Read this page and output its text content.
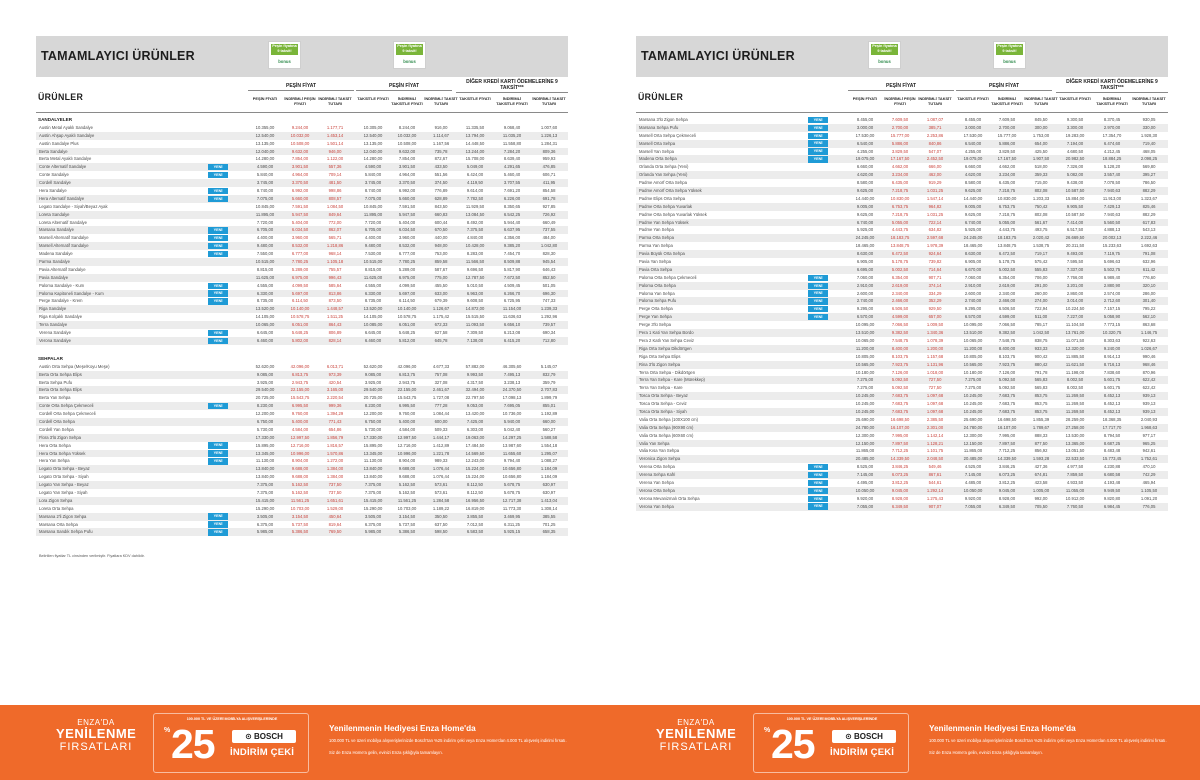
TAMAMLAYICI ÜRÜNLER
Peşin fiyatına 9 taksit!
bonus
Peşin fiyatına 9 taksit!
bonus
ÜRÜNLER
PEŞİN FİYAT	PEŞİN FİYAT
DİĞER KREDİ KARTI ÖDEMELERİNE 9 TAKSİT***
PEŞİN FİYATI	İNDİRİMLİ PEŞİN FİYATI
İNDİRİMLİ TAKSİT TUTARI
TAKSİTLE FİYATI	İNDİRİMLİ TAKSİTLE FİYATI
İNDİRİMLİ TAKSİT TUTARI
TAKSİTLE FİYATI	İNDİRİMLİ TAKSİTLE FİYATI
İNDİRİMLİ TAKSİT TUTARI
SANDALYELER
Austin Metal Ayaklı Sandalye	10.355,00	9.244,00	1.177,71	10.305,00	8.244,00	916,00	11.335,50	9.068,40	1.007,60
Austin Ahşap Ayaklı Sandalye	12.540,00	10.032,00	1.453,14	12.540,00	10.032,00	1.114,67	13.794,00	11.035,20	1.226,13
Austin Sandalye Plus	13.135,00	10.508,00	1.501,14	13.135,00	10.508,00	1.167,56	14.448,50	11.558,80	1.284,31
Berta Sandalye	12.040,00	9.632,00	946,00	12.040,00	9.632,00	735,78	13.244,00	7.284,20	809,36
Berta Metal Ayaklı Sandalye	14.280,00	7.854,00	1.122,00	14.280,00	7.854,00	872,67	15.708,00	8.639,40	959,93
Conte Alternatif Sandalye	YENİ	4.590,00	3.901,50	557,36	4.590,00	3.901,50	433,50	5.049,00	4.291,65	476,85
Conte Sandalye	YENİ	5.840,00	4.964,00	709,14	5.840,00	4.964,00	551,56	6.424,00	5.460,40	606,71
Cordell Sandalye	3.745,00	3.370,50	481,50	3.745,00	3.370,50	374,50	4.119,50	3.707,55	411,95
Hera Sandalye	YENİ	8.740,00	6.992,00	998,86	8.740,00	6.992,00	776,89	9.614,00	7.691,20	854,58
Hera Alternatif Sandalye	YENİ	7.075,00	5.660,00	808,57	7.075,00	5.660,00	628,89	7.782,50	6.226,00	691,78
Legato Sandalye - Siyah/Beyaz Ayak	10.845,00	7.591,50	1.084,50	10.845,00	7.591,50	843,50	11.929,50	8.350,65	927,85
Loreta Sandalye	11.895,00	5.947,50	849,64	11.895,00	5.947,50	660,83	13.084,50	6.542,25	726,92
Loreta Alternatif Sandalye	7.720,00	5.404,00	772,00	7.720,00	5.404,00	600,44	8.492,00	5.944,40	660,49
Marsana Sandalye	YENİ	6.705,00	6.034,50	862,07	6.705,00	6.034,50	670,50	7.375,50	6.637,95	737,55
Marsell Alternatif Sandalye	YENİ	4.400,00	3.960,00	565,71	4.400,00	3.960,00	440,00	4.840,00	4.356,00	484,00
Marsell Alternatif Sandalye	YENİ	9.480,00	8.532,00	1.218,86	9.480,00	8.532,00	948,00	10.428,00	9.385,20	1.042,80
Madena Sandalye	YENİ	7.550,00	6.777,00	968,14	7.530,00	6.777,00	753,00	8.283,00	7.454,70	828,30
Parma Sandalye	10.515,00	7.780,25	1.105,18	10.515,00	7.780,25	859,58	11.566,50	8.509,88	945,54
Pavia Alternatif Sandalye	8.815,00	5.289,00	755,57	8.815,00	5.289,00	587,67	9.696,50	5.817,90	646,43
Pavia Sandalye	11.625,00	6.975,00	996,43	11.625,00	6.975,00	775,00	12.787,50	7.672,50	852,50
Paloma Sandalye - Kum	YENİ	4.555,00	4.099,50	585,64	4.555,00	4.099,50	455,50	5.010,50	4.509,45	501,05
Paloma Kapitoneli Sandalye - Kum	YENİ	6.330,00	5.697,00	813,86	6.330,00	5.697,00	633,00	6.963,00	6.266,70	696,30
Perge Sandalye - Krem	YENİ	8.735,00	6.114,50	873,50	8.735,00	6.114,50	679,39	9.608,50	6.725,95	747,33
Riga Sandalye	13.520,00	10.140,00	1.448,57	13.520,00	10.140,00	1.126,67	14.872,00	11.154,00	1.239,33
Riga Kolçaklı Sandalye	14.105,00	10.578,75	1.511,25	14.105,00	10.578,75	1.175,42	15.515,50	11.636,63	1.292,96
Terra Sandalye	10.065,00	6.051,00	864,43	10.085,00	6.051,00	672,33	11.093,50	6.656,10	739,57
Verena Sandalye	YENİ	6.645,00	5.648,25	806,89	6.645,00	5.648,25	627,58	7.309,50	6.213,08	690,34
Verona Sandalye	YENİ	6.460,00	5.802,00	828,14	6.460,00	5.812,00	645,78	7.138,00	6.415,20	712,80
SEHPALAR
Austin Orta Sehpa (Meşe/Koyu Meşe)	52.620,00	42.096,00	6.013,71	52.620,00	42.096,00	4.677,33	57.882,00	46.305,60	5.145,07
Berta Orta Sehpa Elips	9.085,00	6.813,75	973,39	9.085,00	6.813,75	757,08	9.993,50	7.495,13	832,79
Berta Sehpa Pufu	3.925,00	2.943,75	420,54	3.925,00	2.943,75	327,08	4.317,50	3.238,13	359,79
Berta Orta Sehpa Elips	29.540,00	22.155,00	3.165,00	29.540,00	22.155,00	2.461,67	32.494,00	24.370,50	2.707,83
Berta Yan Sehpa	20.725,00	15.543,75	2.220,54	20.725,00	15.543,75	1.727,08	22.797,50	17.098,13	1.899,79
Conte Orta Sehpa Çekmeceli	YENİ	8.230,00	6.995,50	999,36	8.230,00	6.995,50	777,28	9.053,00	7.695,05	855,01
Cordell Orta Sehpa Çekmeceli	12.200,00	9.760,00	1.394,29	12.200,00	9.760,00	1.084,44	13.420,00	10.736,00	1.192,89
Cordell Orta Sehpa	6.750,00	5.400,00	771,43	6.750,00	5.400,00	600,00	7.425,00	5.940,00	660,00
Cordell Yan Sehpa	5.730,00	4.584,00	654,86	5.730,00	4.584,00	509,33	6.303,00	5.042,40	560,27
Flora 3'lü Zigon Sehpa	17.330,00	12.997,50	1.856,79	17.330,00	12.997,50	1.444,17	19.063,00	14.297,25	1.588,58
Hera Orta Sehpa	YENİ	15.895,00	12.716,00	1.816,57	15.895,00	12.716,00	1.412,89	17.484,50	13.987,60	1.554,18
Hera Orta Sehpa Yüksek	YENİ	13.345,00	10.996,00	1.570,86	13.345,00	10.996,00	1.221,78	14.569,50	11.655,60	1.295,07
Hera Yan Sehpa	YENİ	11.130,00	8.904,00	1.272,00	11.130,00	8.904,00	989,33	12.243,00	9.794,40	1.088,27
Legato Orta Sehpa - Beyaz	13.840,00	9.688,00	1.384,00	13.840,00	9.688,00	1.076,44	15.224,00	10.656,80	1.184,09
Legato Orta Sehpa - Siyah	13.840,00	9.688,00	1.384,00	13.840,00	9.688,00	1.076,44	15.224,00	10.656,80	1.184,09
Legato Yan Sehpa - Beyaz	7.375,00	5.162,50	737,50	7.375,00	5.162,50	573,61	8.112,50	5.678,75	630,97
Legato Yan Sehpa - Siyah	7.375,00	5.162,50	737,50	7.375,00	5.162,50	573,61	8.112,50	5.678,75	630,97
Lora Zigon Sehpa	15.415,00	11.561,25	1.651,61	15.415,00	11.561,25	1.284,58	16.956,50	12.717,38	1.413,04
Loreta Orta Sehpa	15.290,00	10.703,00	1.529,00	15.290,00	10.703,00	1.189,22	16.819,00	11.773,30	1.308,14
Marsana 2'li Zigon Sehpa	YENİ	3.505,00	3.154,50	450,64	3.505,00	3.154,50	350,50	3.855,50	3.469,95	385,55
Marsana Orta Sehpa	YENİ	6.375,00	5.737,50	819,64	6.375,00	5.737,50	637,50	7.012,50	6.311,25	701,25
Marsana Sandık Sehpa Pufu	YENİ	5.985,00	5.386,50	769,50	5.985,00	5.386,50	598,50	6.583,50	5.925,15	658,35
Belirtilen fiyatlar TL cinsinden verilmiştir. Fiyatlara KDV dahildir.
TAMAMLAYICI ÜRÜNLER
Peşin fiyatına 9 taksit!
bonus
Peşin fiyatına 9 taksit!
bonus
ÜRÜNLER
PEŞİN FİYAT	PEŞİN FİYAT
DİĞER KREDİ KARTI ÖDEMELERİNE 9 TAKSİT***
PEŞİN FİYATI	İNDİRİMLİ PEŞİN FİYATI
İNDİRİMLİ TAKSİT TUTARI
TAKSİTLE FİYATI	İNDİRİMLİ TAKSİTLE FİYATI
İNDİRİMLİ TAKSİT TUTARI
TAKSİTLE FİYATI	İNDİRİMLİ TAKSİTLE FİYATI
İNDİRİMLİ TAKSİT TUTARI
Marsana 3'lü Zigon Sehpa	YENİ	8.455,00	7.609,50	1.087,07	8.455,00	7.609,50	845,50	9.300,50	8.370,45	930,05
Marsana Sehpa Pufu	YENİ	3.000,00	2.700,00	385,71	3.000,00	2.700,00	300,00	3.300,00	2.970,00	330,00
Marsell Orta Sehpa Çekmeceli	YENİ	17.530,00	15.777,00	2.253,86	17.530,00	15.777,00	1.753,00	19.283,00	17.354,70	1.928,30
Marsell Orta Sehpa	YENİ	6.540,00	5.886,00	840,86	6.540,00	5.886,00	654,00	7.194,00	6.474,60	719,40
Marsell Yan Sehpa	YENİ	4.255,00	3.829,50	547,07	4.255,00	3.829,50	425,50	4.680,50	4.212,45	468,05
Madena Orta Sehpa	YENİ	19.075,00	17.167,50	2.452,50	19.075,00	17.167,50	1.907,50	20.982,50	18.884,25	2.098,25
Orlanda Orta Sehpa (Yeni)	6.660,00	4.662,00	666,00	6.660,00	4.662,00	518,00	7.326,00	5.128,20	569,80
Orlanda Yan Sehpa (Yeni)	4.620,00	3.234,00	462,00	4.620,00	3.234,00	359,33	5.082,00	3.557,40	395,27
Padme Amorf Orta Sehpa	8.580,00	6.435,00	919,29	8.580,00	6.435,00	715,00	9.438,00	7.078,50	786,50
Padme Amorf Orta Sehpa Yüksek	9.625,00	7.218,75	1.031,25	9.625,00	7.218,75	802,08	10.587,50	7.940,63	882,29
Padme Elips Orta Sehpa	14.440,00	10.830,00	1.547,14	14.440,00	10.830,00	1.203,33	15.884,00	11.913,00	1.323,67
Padme Orta Sehpa Yuvarlak	9.005,00	6.753,75	964,82	9.005,00	6.753,75	750,42	9.905,50	7.429,13	825,46
Padme Orta Sehpa Yuvarlak Yüksek	9.625,00	7.218,75	1.031,25	9.625,00	7.218,75	802,08	10.587,50	7.940,63	882,29
Padme Yan Sehpa Yüksek	6.740,00	5.055,00	722,14	6.740,00	5.055,00	561,67	7.414,00	5.560,50	617,83
Padme Yan Sehpa	5.925,00	4.443,75	634,82	5.925,00	4.443,75	493,75	6.517,50	4.888,13	543,13
Parma Orta Sehpa	24.245,00	18.183,75	2.597,68	24.245,00	18.183,75	2.020,42	26.669,50	20.002,13	2.222,46
Parma Yan Sehpa	18.465,00	13.848,75	1.978,39	18.465,00	13.848,75	1.538,75	20.311,50	15.233,63	1.692,63
Pavia Büyük Orta Sehpa	8.630,00	6.472,50	924,64	8.630,00	6.472,50	719,17	9.493,00	7.119,75	791,08
Pavia Yan Sehpa	6.905,00	5.178,75	739,82	6.905,00	5.178,75	575,42	7.595,50	5.696,63	632,96
Pavia Orta Sehpa	6.695,00	5.002,50	714,64	6.670,00	5.002,50	555,83	7.337,00	5.502,75	611,42
Paloma Orta Sehpa Çekmeceli	YENİ	7.060,00	6.354,00	907,71	7.060,00	6.354,00	706,00	7.766,00	6.989,40	776,60
Paloma Orta Sehpa	YENİ	2.910,00	2.619,00	374,14	2.910,00	2.619,00	291,00	3.201,00	2.880,90	320,10
Paloma Yan Sehpa	YENİ	2.600,00	2.340,00	334,29	2.600,00	2.340,00	260,00	2.860,00	2.574,00	286,00
Paloma Sehpa Pufu	YENİ	2.740,00	2.466,00	352,29	2.740,00	2.466,00	274,00	3.014,00	2.712,60	301,40
Perge Orta Sehpa	YENİ	9.295,00	6.506,50	929,50	9.295,00	6.506,50	722,94	10.224,50	7.157,15	795,22
Perge Yan Sehpa	YENİ	6.570,00	4.599,00	657,00	6.570,00	4.599,00	511,00	7.227,00	5.058,90	562,10
Perge 3'lü Sehpa	10.095,00	7.066,50	1.009,50	10.095,00	7.066,50	785,17	11.104,50	7.773,15	863,68
Pera 1 Kati Yan Sehpa Bordo	13.510,00	9.382,50	1.340,36	13.510,00	9.382,50	1.042,50	13.761,00	10.320,75	1.146,75
Pera 2 Katlı Yan Sehpa Ceviz	10.065,00	7.548,75	1.078,39	10.065,00	7.548,75	838,75	11.071,50	8.303,63	922,63
Riga Orta Sehpa Dikdörtgen	11.200,00	8.400,00	1.200,00	11.200,00	8.400,00	933,33	12.320,00	9.240,00	1.026,67
Riga Orta Sehpa Elips	10.805,00	8.103,75	1.157,68	10.805,00	8.103,75	900,42	11.885,50	8.914,13	990,46
Rina 3'lü Zigon Sehpa	10.565,00	7.923,75	1.131,96	10.565,00	7.923,75	880,42	11.621,50	8.716,13	968,46
Terra Orta Sehpa - Dikdörtgen	10.180,00	7.126,00	1.018,00	10.180,00	7.126,00	791,78	11.198,00	7.838,60	870,96
Terra Yan Sehpa - Kare (Mürekkep)	7.275,00	5.092,50	727,50	7.275,00	5.092,50	565,83	8.002,50	5.601,75	622,42
Terra Yan Sehpa - Kare	7.275,00	5.092,50	727,50	7.275,00	5.092,50	565,83	8.002,50	5.601,75	622,42
Tosca Orta Sehpa - Beyaz	10.245,00	7.683,75	1.097,68	10.245,00	7.683,75	853,75	11.269,50	8.452,13	939,13
Tosca Orta Sehpa - Ceviz	10.245,00	7.683,75	1.097,68	10.245,00	7.683,75	853,75	11.269,50	8.452,13	939,13
Tosca Orta Sehpa - Siyah	10.245,00	7.683,75	1.097,68	10.245,00	7.683,75	853,75	11.269,50	8.452,13	939,13
Valia Orta Sehpa (100X100 cm)	25.690,00	16.698,50	2.385,50	25.690,00	16.698,50	1.855,39	28.259,00	18.368,35	2.040,93
Valia Orta Sehpa (90X90 cm)	24.780,00	16.107,00	2.301,00	24.780,00	16.107,00	1.789,67	27.258,00	17.717,70	1.968,63
Valia Orta Sehpa (60X60 cm)	12.300,00	7.995,00	1.142,14	12.300,00	7.995,00	888,33	13.530,00	8.794,50	977,17
Valia Yan Sehpa	12.150,00	7.897,50	1.128,21	12.150,00	7.897,50	877,50	13.365,00	8.687,25	965,25
Valia Kısa Yan Sehpa	11.865,00	7.712,25	1.101,75	11.865,00	7.712,25	856,92	13.051,50	8.483,48	942,61
Veronica Zigon Sehpa	20.485,00	14.339,50	2.048,50	20.485,00	14.339,50	1.593,28	22.533,50	15.773,45	1.752,61
Verena Orta Sehpa	YENİ	8.525,00	3.846,25	549,46	4.525,00	3.846,25	427,36	4.977,50	4.230,88	470,10
Verena Sehpa Kafri	YENİ	7.145,00	6.073,25	867,61	7.145,00	6.073,25	674,81	7.859,50	6.680,58	742,29
Verena Yan Sehpa	YENİ	4.495,00	3.812,25	544,61	4.485,00	3.812,25	423,58	4.933,50	4.193,48	465,94
Verona Orta Sehpa	YENİ	10.050,00	9.045,00	1.292,14	10.050,00	9.045,00	1.005,00	11.055,00	9.949,50	1.105,50
Verona Mevanizmalı Orta Sehpa	YENİ	9.920,00	8.928,00	1.275,43	9.920,00	8.928,00	992,00	10.912,00	9.820,80	1.091,20
Verona Yan Sehpa	YENİ	7.055,00	6.349,50	907,07	7.055,00	6.349,50	705,50	7.760,50	6.984,45	776,05
ENZA'DA
YENİLENME
FIRSATLARI
100.000 TL VE ÜZERİ MOBİLYA ALIŞVERİŞLERİNDE
% 25	⊙ BOSCH
İNDİRİM ÇEKİ
Yenilenmenin Hediyesi Enza Home'da
100.000 TL ve üzeri mobilya alışverişlerinizde Bosch'tan %25 indirim çeki veya Enza Home'dan 4.000 TL alışveriş indirimi fırsatı.
Siz de Enza Home'a gelin, evinizi Enza şıklığıyla tamamlayın.
ENZA'DA
YENİLENME
FIRSATLARI
100.000 TL VE ÜZERİ MOBİLYA ALIŞVERİŞLERİNDE
% 25	⊙ BOSCH
İNDİRİM ÇEKİ
Yenilenmenin Hediyesi Enza Home'da
100.000 TL ve üzeri mobilya alışverişlerinizde Bosch'tan %25 indirim çeki veya Enza Home'dan 4.000 TL alışveriş indirimi fırsatı.
Siz de Enza Home'a gelin, evinizi Enza şıklığıyla tamamlayın.
